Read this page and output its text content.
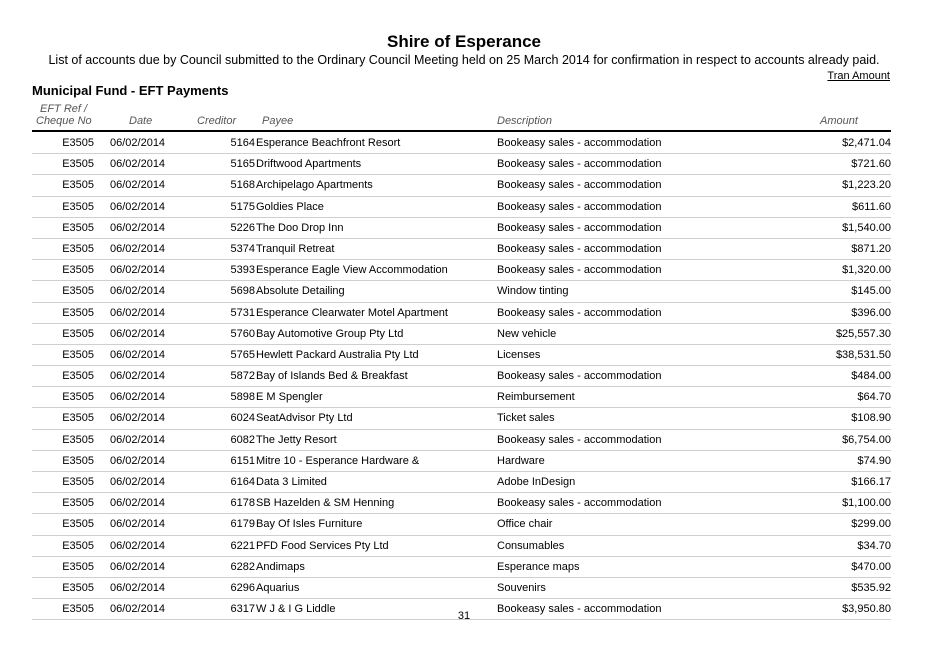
Shire of Esperance
List of accounts due by Council submitted to the Ordinary Council Meeting held on 25 March 2014 for confirmation in respect to accounts already paid.
Tran Amount
Municipal Fund - EFT Payments
EFT Ref /
Cheque No	Date	Creditor Payee	Description	Amount
E3505 06/02/2014	5164 Esperance Beachfront Resort	Bookeasy sales - accommodation	$2,471.04
E3505 06/02/2014	5165 Driftwood Apartments	Bookeasy sales - accommodation	$721.60
E3505 06/02/2014	5168 Archipelago Apartments	Bookeasy sales - accommodation	$1,223.20
E3505 06/02/2014	5175 Goldies Place	Bookeasy sales - accommodation	$611.60
E3505 06/02/2014	5226 The Doo Drop Inn	Bookeasy sales - accommodation	$1,540.00
E3505 06/02/2014	5374 Tranquil Retreat	Bookeasy sales - accommodation	$871.20
E3505 06/02/2014	5393 Esperance Eagle View Accommodation	Bookeasy sales - accommodation	$1,320.00
E3505 06/02/2014	5698 Absolute Detailing	Window tinting	$145.00
E3505 06/02/2014	5731 Esperance Clearwater Motel Apartment	Bookeasy sales - accommodation	$396.00
E3505 06/02/2014	5760 Bay Automotive Group Pty Ltd	New vehicle	$25,557.30
E3505 06/02/2014	5765 Hewlett Packard Australia Pty Ltd	Licenses	$38,531.50
E3505 06/02/2014	5872 Bay of Islands Bed & Breakfast	Bookeasy sales - accommodation	$484.00
E3505 06/02/2014	5898 E M Spengler	Reimbursement	$64.70
E3505 06/02/2014	6024 SeatAdvisor Pty Ltd	Ticket sales	$108.90
E3505 06/02/2014	6082 The Jetty Resort	Bookeasy sales - accommodation	$6,754.00
E3505 06/02/2014	6151 Mitre 10 - Esperance Hardware &	Hardware	$74.90
E3505 06/02/2014	6164 Data 3 Limited	Adobe InDesign	$166.17
E3505 06/02/2014	6178 SB Hazelden & SM Henning	Bookeasy sales - accommodation	$1,100.00
E3505 06/02/2014	6179 Bay Of Isles Furniture	Office chair	$299.00
E3505 06/02/2014	6221 PFD Food Services Pty Ltd	Consumables	$34.70
E3505 06/02/2014	6282 Andimaps	Esperance maps	$470.00
E3505 06/02/2014	6296 Aquarius	Souvenirs	$535.92
E3505 06/02/2014	6317 W J & I G Liddle	Bookeasy sales - accommodation	$3,950.80
31
